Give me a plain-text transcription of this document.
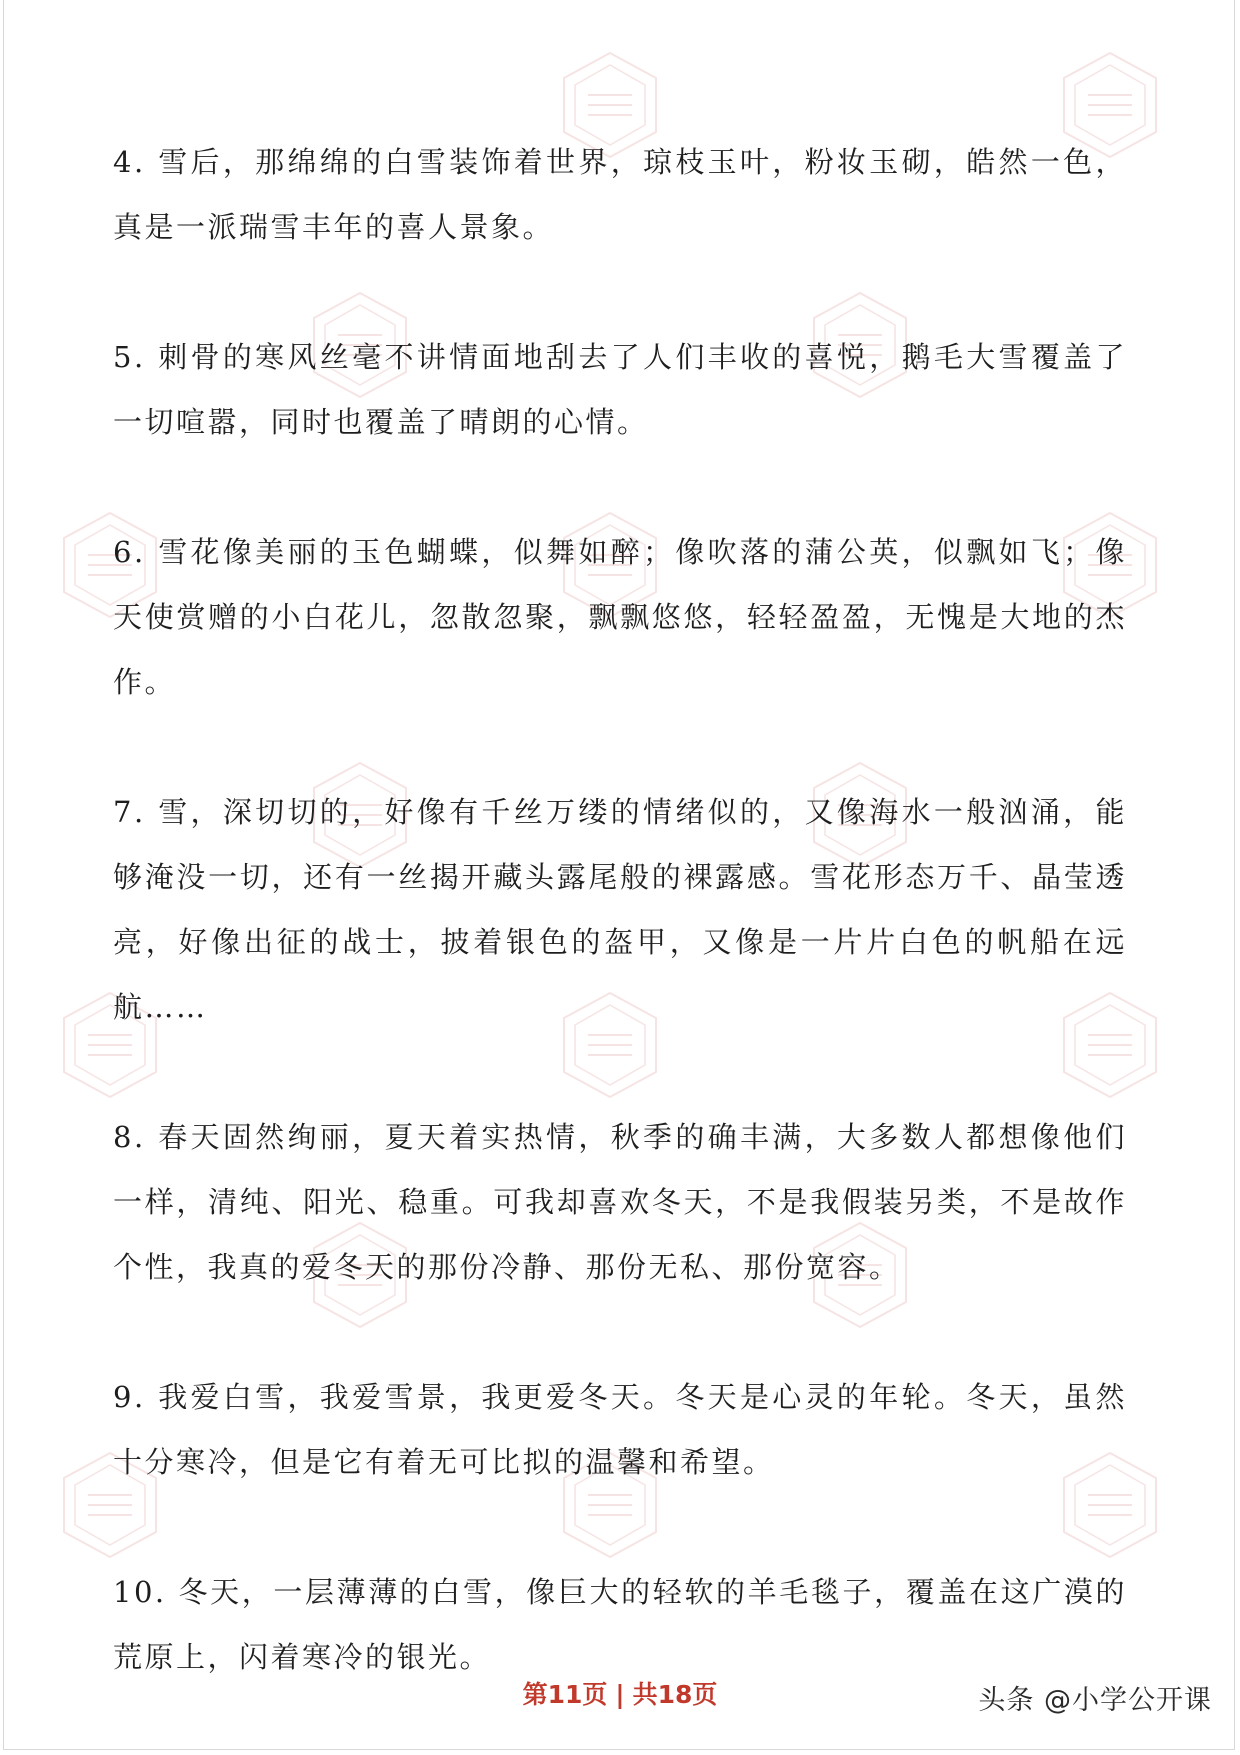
4. 雪后，那绵绵的白雪装饰着世界，琼枝玉叶，粉妆玉砌，皓然一色，真是一派瑞雪丰年的喜人景象。

5. 刺骨的寒风丝毫不讲情面地刮去了人们丰收的喜悦，鹅毛大雪覆盖了一切喧嚣，同时也覆盖了晴朗的心情。

6. 雪花像美丽的玉色蝴蝶，似舞如醉；像吹落的蒲公英，似飘如飞；像天使赏赠的小白花儿，忽散忽聚，飘飘悠悠，轻轻盈盈，无愧是大地的杰作。

7. 雪，深切切的，好像有千丝万缕的情绪似的，又像海水一般汹涌，能够淹没一切，还有一丝揭开藏头露尾般的裸露感。雪花形态万千、晶莹透亮，好像出征的战士，披着银色的盔甲，又像是一片片白色的帆船在远航……

8. 春天固然绚丽，夏天着实热情，秋季的确丰满，大多数人都想像他们一样，清纯、阳光、稳重。可我却喜欢冬天，不是我假装另类，不是故作个性，我真的爱冬天的那份冷静、那份无私、那份宽容。

9. 我爱白雪，我爱雪景，我更爱冬天。冬天是心灵的年轮。冬天，虽然十分寒冷，但是它有着无可比拟的温馨和希望。

10. 冬天，一层薄薄的白雪，像巨大的轻软的羊毛毯子，覆盖在这广漠的荒原上，闪着寒冷的银光。

第11页 | 共18页	头条 @小学公开课
